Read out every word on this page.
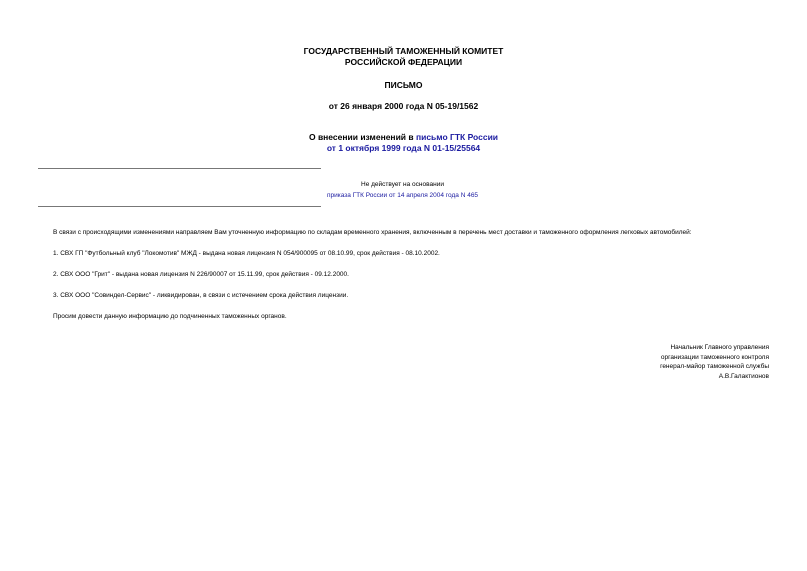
ГОСУДАРСТВЕННЫЙ ТАМОЖЕННЫЙ КОМИТЕТ
РОССИЙСКОЙ ФЕДЕРАЦИИ
ПИСЬМО
от 26 января 2000 года N 05-19/1562
О внесении изменений в письмо ГТК России
от 1 октября 1999 года N 01-15/25564
Не действует на основании
приказа ГТК России от 14 апреля 2004 года N 465
В связи с происходящими изменениями направляем Вам уточненную информацию по складам временного хранения, включенным в перечень мест доставки и таможенного оформления легковых автомобилей:
1. СВХ ГП "Футбольный клуб "Локомотив" МЖД - выдана новая лицензия N 054/900095 от 08.10.99, срок действия - 08.10.2002.
2. СВХ ООО "Грит" - выдана новая лицензия N 226/90007 от 15.11.99, срок действия - 09.12.2000.
3. СВХ ООО "Совиндел-Сервис" - ликвидирован, в связи с истечением срока действия лицензии.
Просим довести данную информацию до подчиненных таможенных органов.
Начальник Главного управления
организации таможенного контроля
генерал-майор таможенной службы
А.В.Галактионов
